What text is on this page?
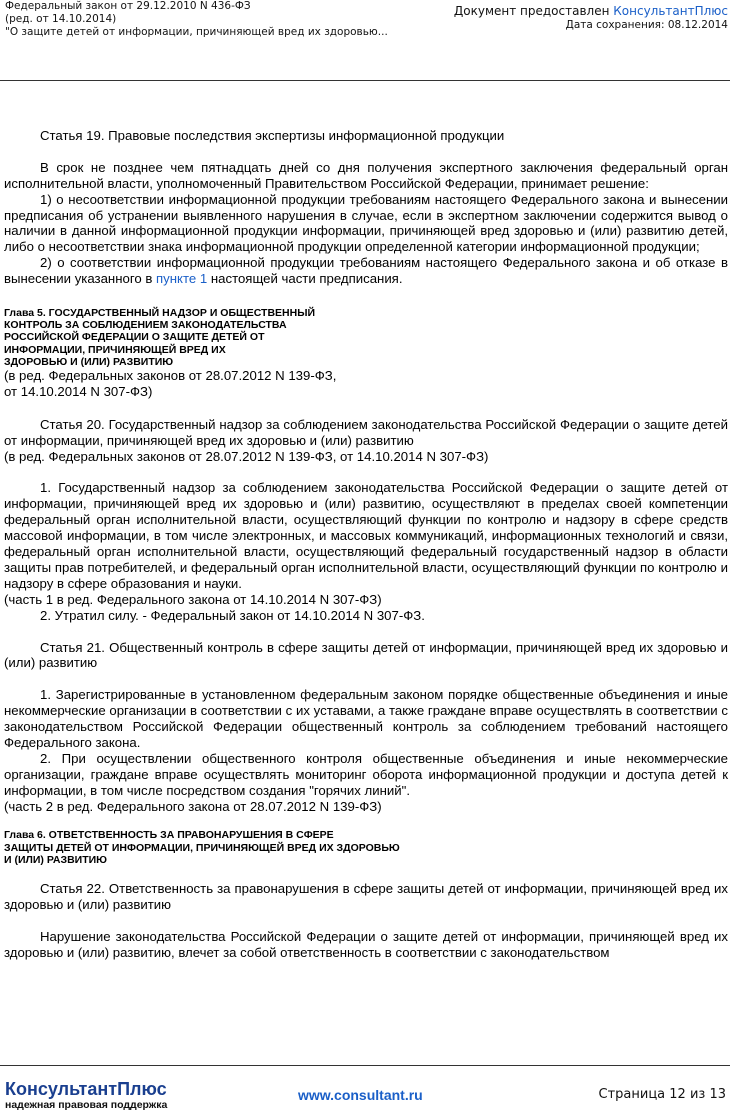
Федеральный закон от 29.12.2010 N 436-ФЗ
(ред. от 14.10.2014)
"О защите детей от информации, причиняющей вред их здоровью...
Документ предоставлен КонсультантПлюс
Дата сохранения: 08.12.2014

Статья 19. Правовые последствия экспертизы информационной продукции

В срок не позднее чем пятнадцать дней со дня получения экспертного заключения федеральный орган исполнительной власти, уполномоченный Правительством Российской Федерации, принимает решение:

1) о несоответствии информационной продукции требованиям настоящего Федерального закона и вынесении предписания об устранении выявленного нарушения в случае, если в экспертном заключении содержится вывод о наличии в данной информационной продукции информации, причиняющей вред здоровью и (или) развитию детей, либо о несоответствии знака информационной продукции определенной категории информационной продукции;

2) о соответствии информационной продукции требованиям настоящего Федерального закона и об отказе в вынесении указанного в пункте 1 настоящей части предписания.

Глава 5. ГОСУДАРСТВЕННЫЙ НАДЗОР И ОБЩЕСТВЕННЫЙ

КОНТРОЛЬ ЗА СОБЛЮДЕНИЕМ ЗАКОНОДАТЕЛЬСТВА

РОССИЙСКОЙ ФЕДЕРАЦИИ О ЗАЩИТЕ ДЕТЕЙ ОТ

ИНФОРМАЦИИ, ПРИЧИНЯЮЩЕЙ ВРЕД ИХ

ЗДОРОВЬЮ И (ИЛИ) РАЗВИТИЮ

(в ред. Федеральных законов от 28.07.2012 N 139-ФЗ,

от 14.10.2014 N 307-ФЗ)

Статья 20. Государственный надзор за соблюдением законодательства Российской Федерации о защите детей от информации, причиняющей вред их здоровью и (или) развитию

(в ред. Федеральных законов от 28.07.2012 N 139-ФЗ, от 14.10.2014 N 307-ФЗ)

1. Государственный надзор за соблюдением законодательства Российской Федерации о защите детей от информации, причиняющей вред их здоровью и (или) развитию, осуществляют в пределах своей компетенции федеральный орган исполнительной власти, осуществляющий функции по контролю и надзору в сфере средств массовой информации, в том числе электронных, и массовых коммуникаций, информационных технологий и связи, федеральный орган исполнительной власти, осуществляющий федеральный государственный надзор в области защиты прав потребителей, и федеральный орган исполнительной власти, осуществляющий функции по контролю и надзору в сфере образования и науки.

(часть 1 в ред. Федерального закона от 14.10.2014 N 307-ФЗ)

2. Утратил силу. - Федеральный закон от 14.10.2014 N 307-ФЗ.

Статья 21. Общественный контроль в сфере защиты детей от информации, причиняющей вред их здоровью и (или) развитию

1. Зарегистрированные в установленном федеральным законом порядке общественные объединения и иные некоммерческие организации в соответствии с их уставами, а также граждане вправе осуществлять в соответствии с законодательством Российской Федерации общественный контроль за соблюдением требований настоящего Федерального закона.

2. При осуществлении общественного контроля общественные объединения и иные некоммерческие организации, граждане вправе осуществлять мониторинг оборота информационной продукции и доступа детей к информации, в том числе посредством создания "горячих линий".

(часть 2 в ред. Федерального закона от 28.07.2012 N 139-ФЗ)

Глава 6. ОТВЕТСТВЕННОСТЬ ЗА ПРАВОНАРУШЕНИЯ В СФЕРЕ

ЗАЩИТЫ ДЕТЕЙ ОТ ИНФОРМАЦИИ, ПРИЧИНЯЮЩЕЙ ВРЕД ИХ ЗДОРОВЬЮ

И (ИЛИ) РАЗВИТИЮ

Статья 22. Ответственность за правонарушения в сфере защиты детей от информации, причиняющей вред их здоровью и (или) развитию

Нарушение законодательства Российской Федерации о защите детей от информации, причиняющей вред их здоровью и (или) развитию, влечет за собой ответственность в соответствии с законодательством

КонсультантПлюс
надежная правовая поддержка
www.consultant.ru	Страница 12 из 13
